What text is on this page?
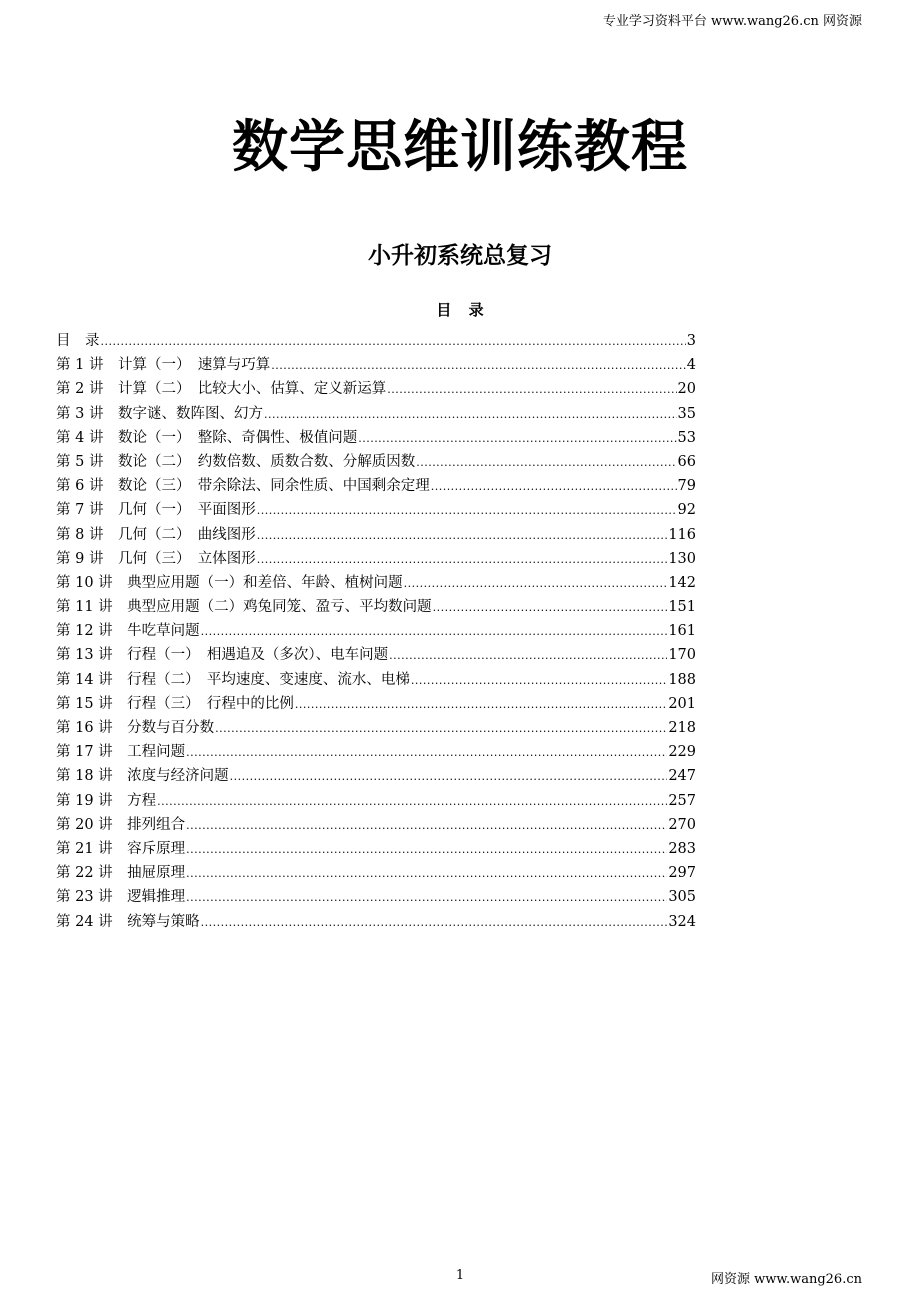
专业学习资料平台 www.wang26.cn 网资源
数学思维训练教程
小升初系统总复习
目 录
目　录 .....	3
第 1 讲　计算（一）　速算与巧算 .....	4
第 2 讲　计算（二）　比较大小、估算、定义新运算 .....	20
第 3 讲　数字谜、数阵图、幻方 .....	35
第 4 讲　数论（一）　整除、奇偶性、极值问题 .....	53
第 5 讲　数论（二）　约数倍数、质数合数、分解质因数 .....	66
第 6 讲　数论（三）　带余除法、同余性质、中国剩余定理 .....	79
第 7 讲　几何（一）　平面图形 .....	92
第 8 讲　几何（二）　曲线图形 .....	116
第 9 讲　几何（三）　立体图形 .....	130
第 10 讲　典型应用题（一）和差倍、年龄、植树问题 .....	142
第 11 讲　典型应用题（二）鸡兔同笼、盈亏、平均数问题 .....	151
第 12 讲　牛吃草问题 .....	161
第 13 讲　行程（一）　相遇追及（多次）、电车问题 .....	170
第 14 讲　行程（二）　平均速度、变速度、流水、电梯 .....	188
第 15 讲　行程（三）　行程中的比例 .....	201
第 16 讲　分数与百分数 .....	218
第 17 讲　工程问题 .....	229
第 18 讲　浓度与经济问题 .....	247
第 19 讲　方程 .....	257
第 20 讲　排列组合 .....	270
第 21 讲　容斥原理 .....	283
第 22 讲　抽屉原理 .....	297
第 23 讲　逻辑推理 .....	305
第 24 讲　统筹与策略 .....	324
1	网资源 www.wang26.cn
